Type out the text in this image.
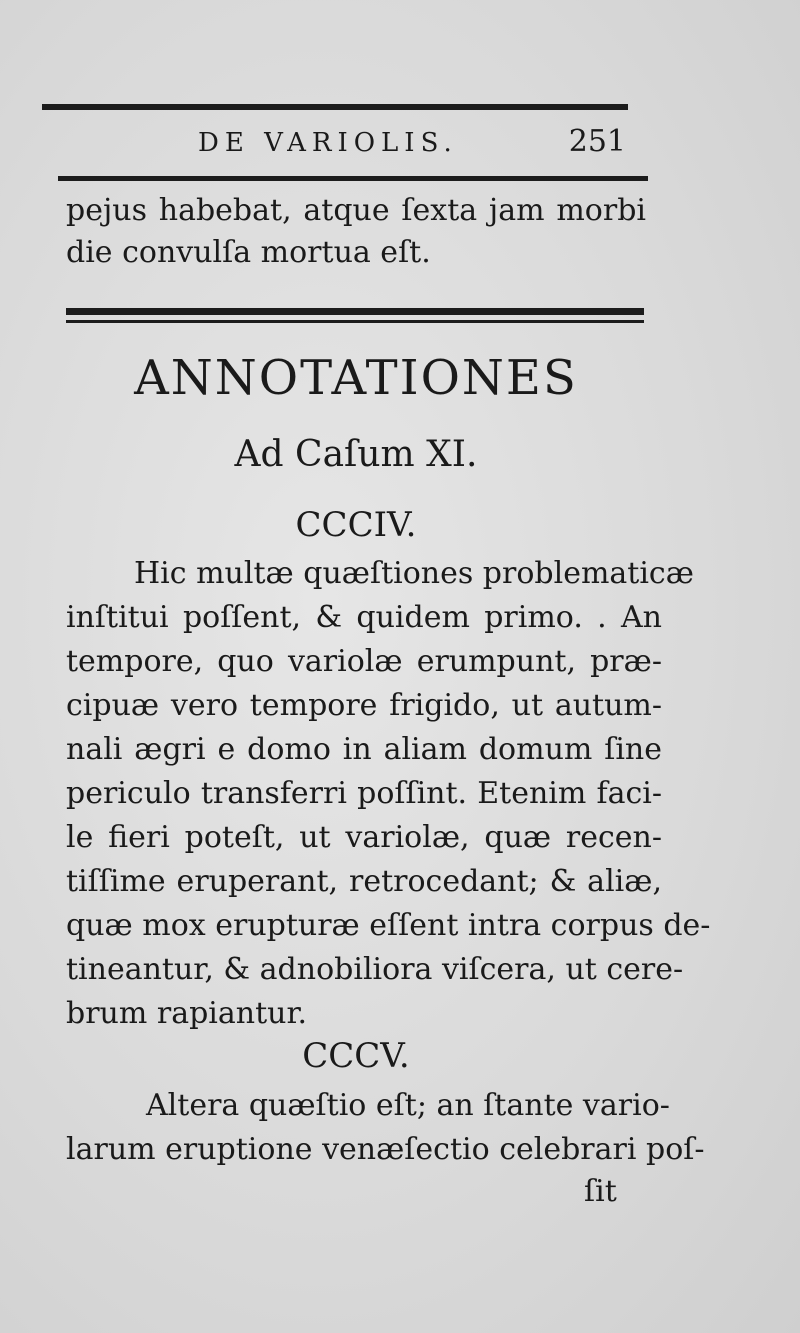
DE VARIOLIS.	251
pejus habebat, atque ſexta jam morbi
die convulſa mortua eſt.
ANNOTATIONES
Ad Caſum XI.
CCCIV.
Hic multæ quæſtiones problematicæ
inſtitui poſſent, & quidem primo. . An
tempore, quo variolæ erumpunt, præ-
cipuæ vero tempore frigido, ut autum-
nali ægri e domo in aliam domum ſine
periculo transferri poſſint. Etenim faci-
le fieri poteſt, ut variolæ, quæ recen-
tiſſime eruperant, retrocedant; & aliæ,
quæ mox erupturæ eſſent intra corpus de-
tineantur, & adnobiliora viſcera, ut cere-
brum rapiantur.
CCCV.
Altera quæſtio eſt; an ſtante vario-
larum eruptione venæſectio celebrari poſ-
ſit
